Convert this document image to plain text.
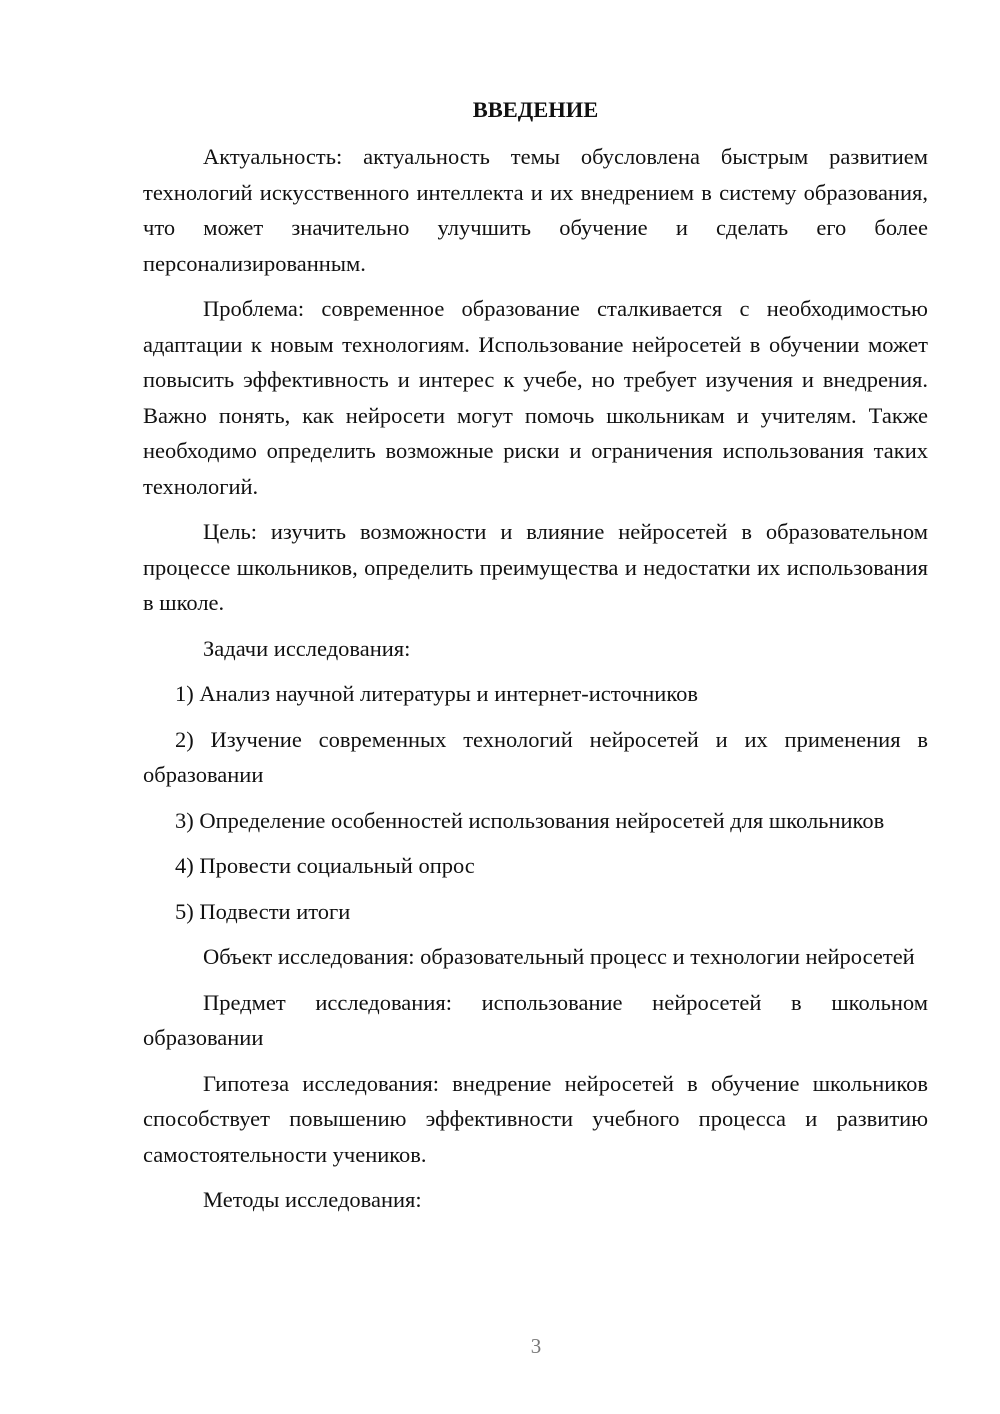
ВВЕДЕНИЕ

Актуальность: актуальность темы обусловлена быстрым развитием технологий искусственного интеллекта и их внедрением в систему образования, что может значительно улучшить обучение и сделать его более персонализированным.

Проблема: современное образование сталкивается с необходимостью адаптации к новым технологиям. Использование нейросетей в обучении может повысить эффективность и интерес к учебе, но требует изучения и внедрения. Важно понять, как нейросети могут помочь школьникам и учителям. Также необходимо определить возможные риски и ограничения использования таких технологий.

Цель: изучить возможности и влияние нейросетей в образовательном процессе школьников, определить преимущества и недостатки их использования в школе.

Задачи исследования:

1) Анализ научной литературы и интернет-источников

2) Изучение современных технологий нейросетей и их применения в образовании

3) Определение особенностей использования нейросетей для школьников

4) Провести социальный опрос

5) Подвести итоги

Объект исследования: образовательный процесс и технологии нейросетей

Предмет исследования: использование нейросетей в школьном образовании

Гипотеза исследования: внедрение нейросетей в обучение школьников способствует повышению эффективности учебного процесса и развитию самостоятельности учеников.

Методы исследования:

3
